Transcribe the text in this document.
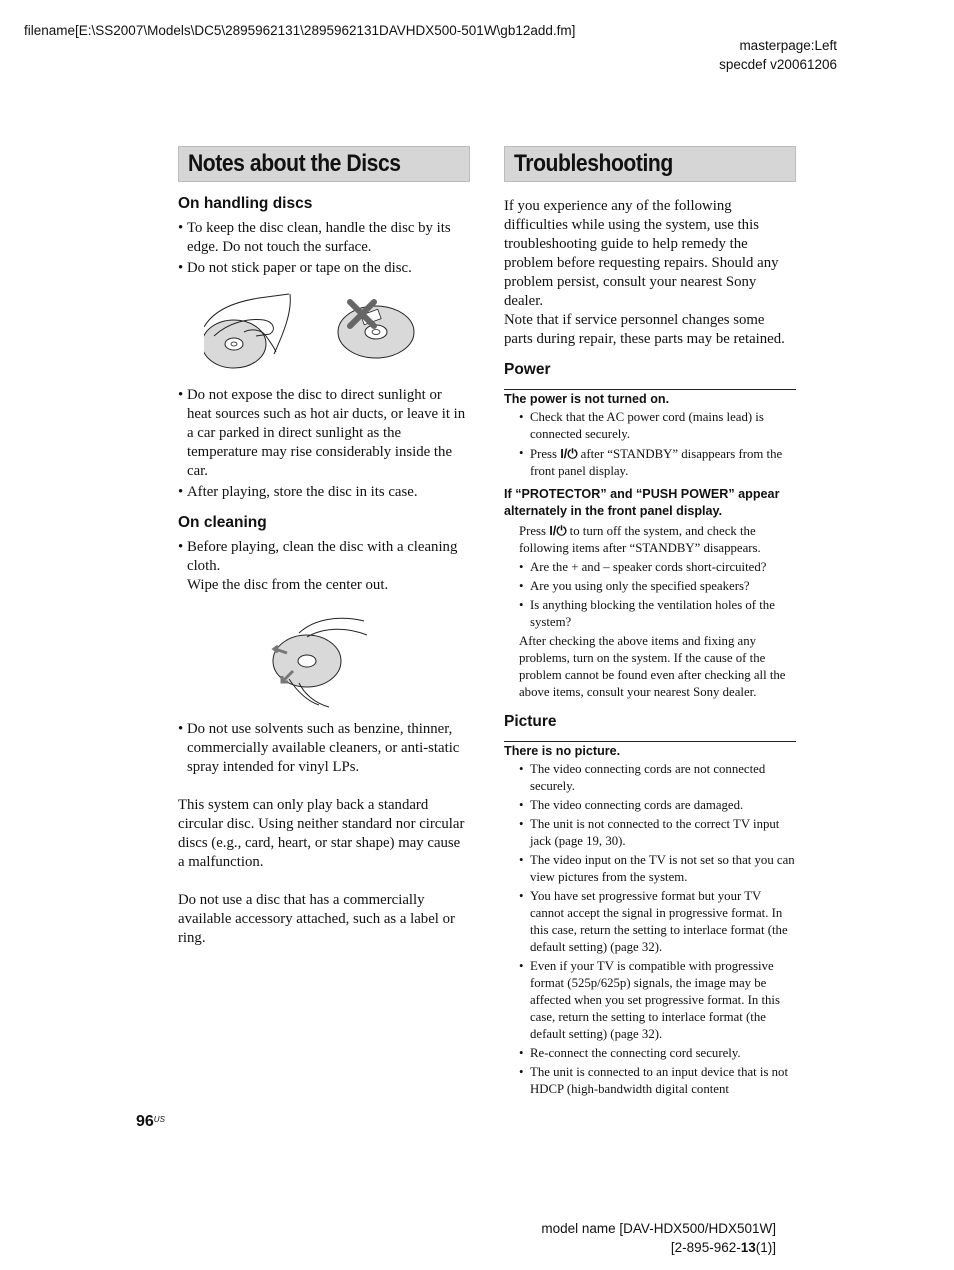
filename[E:\SS2007\Models\DC5\2895962131\2895962131DAVHDX500-501W\gb12add.fm]
masterpage:Left
specdef v20061206
Notes about the Discs
On handling discs
• To keep the disc clean, handle the disc by its edge. Do not touch the surface.
• Do not stick paper or tape on the disc.
• Do not expose the disc to direct sunlight or heat sources such as hot air ducts, or leave it in a car parked in direct sunlight as the temperature may rise considerably inside the car.
• After playing, store the disc in its case.
On cleaning
• Before playing, clean the disc with a cleaning cloth.
Wipe the disc from the center out.
• Do not use solvents such as benzine, thinner, commercially available cleaners, or anti-static spray intended for vinyl LPs.

This system can only play back a standard circular disc. Using neither standard nor circular discs (e.g., card, heart, or star shape) may cause a malfunction.

Do not use a disc that has a commercially available accessory attached, such as a label or ring.

Troubleshooting

If you experience any of the following difficulties while using the system, use this troubleshooting guide to help remedy the problem before requesting repairs. Should any problem persist, consult your nearest Sony dealer.

Note that if service personnel changes some parts during repair, these parts may be retained.

Power

The power is not turned on.

• Check that the AC power cord (mains lead) is connected securely.
• Press I/⏻ after “STANDBY” disappears from the front panel display.

If “PROTECTOR” and “PUSH POWER” appear alternately in the front panel display.

Press I/⏻ to turn off the system, and check the following items after “STANDBY” disappears.

• Are the + and – speaker cords short-circuited?
• Are you using only the specified speakers?
• Is anything blocking the ventilation holes of the system?

After checking the above items and fixing any problems, turn on the system. If the cause of the problem cannot be found even after checking all the above items, consult your nearest Sony dealer.

Picture

There is no picture.

• The video connecting cords are not connected securely.
• The video connecting cords are damaged.
• The unit is not connected to the correct TV input jack (page 19, 30).
• The video input on the TV is not set so that you can view pictures from the system.
• You have set progressive format but your TV cannot accept the signal in progressive format. In this case, return the setting to interlace format (the default setting) (page 32).
• Even if your TV is compatible with progressive format (525p/625p) signals, the image may be affected when you set progressive format. In this case, return the setting to interlace format (the default setting) (page 32).
• Re-connect the connecting cord securely.
• The unit is connected to an input device that is not HDCP (high-bandwidth digital content
$96^{US}$
model name [DAV-HDX500/HDX501W]
[2-895-962-13(1)]
